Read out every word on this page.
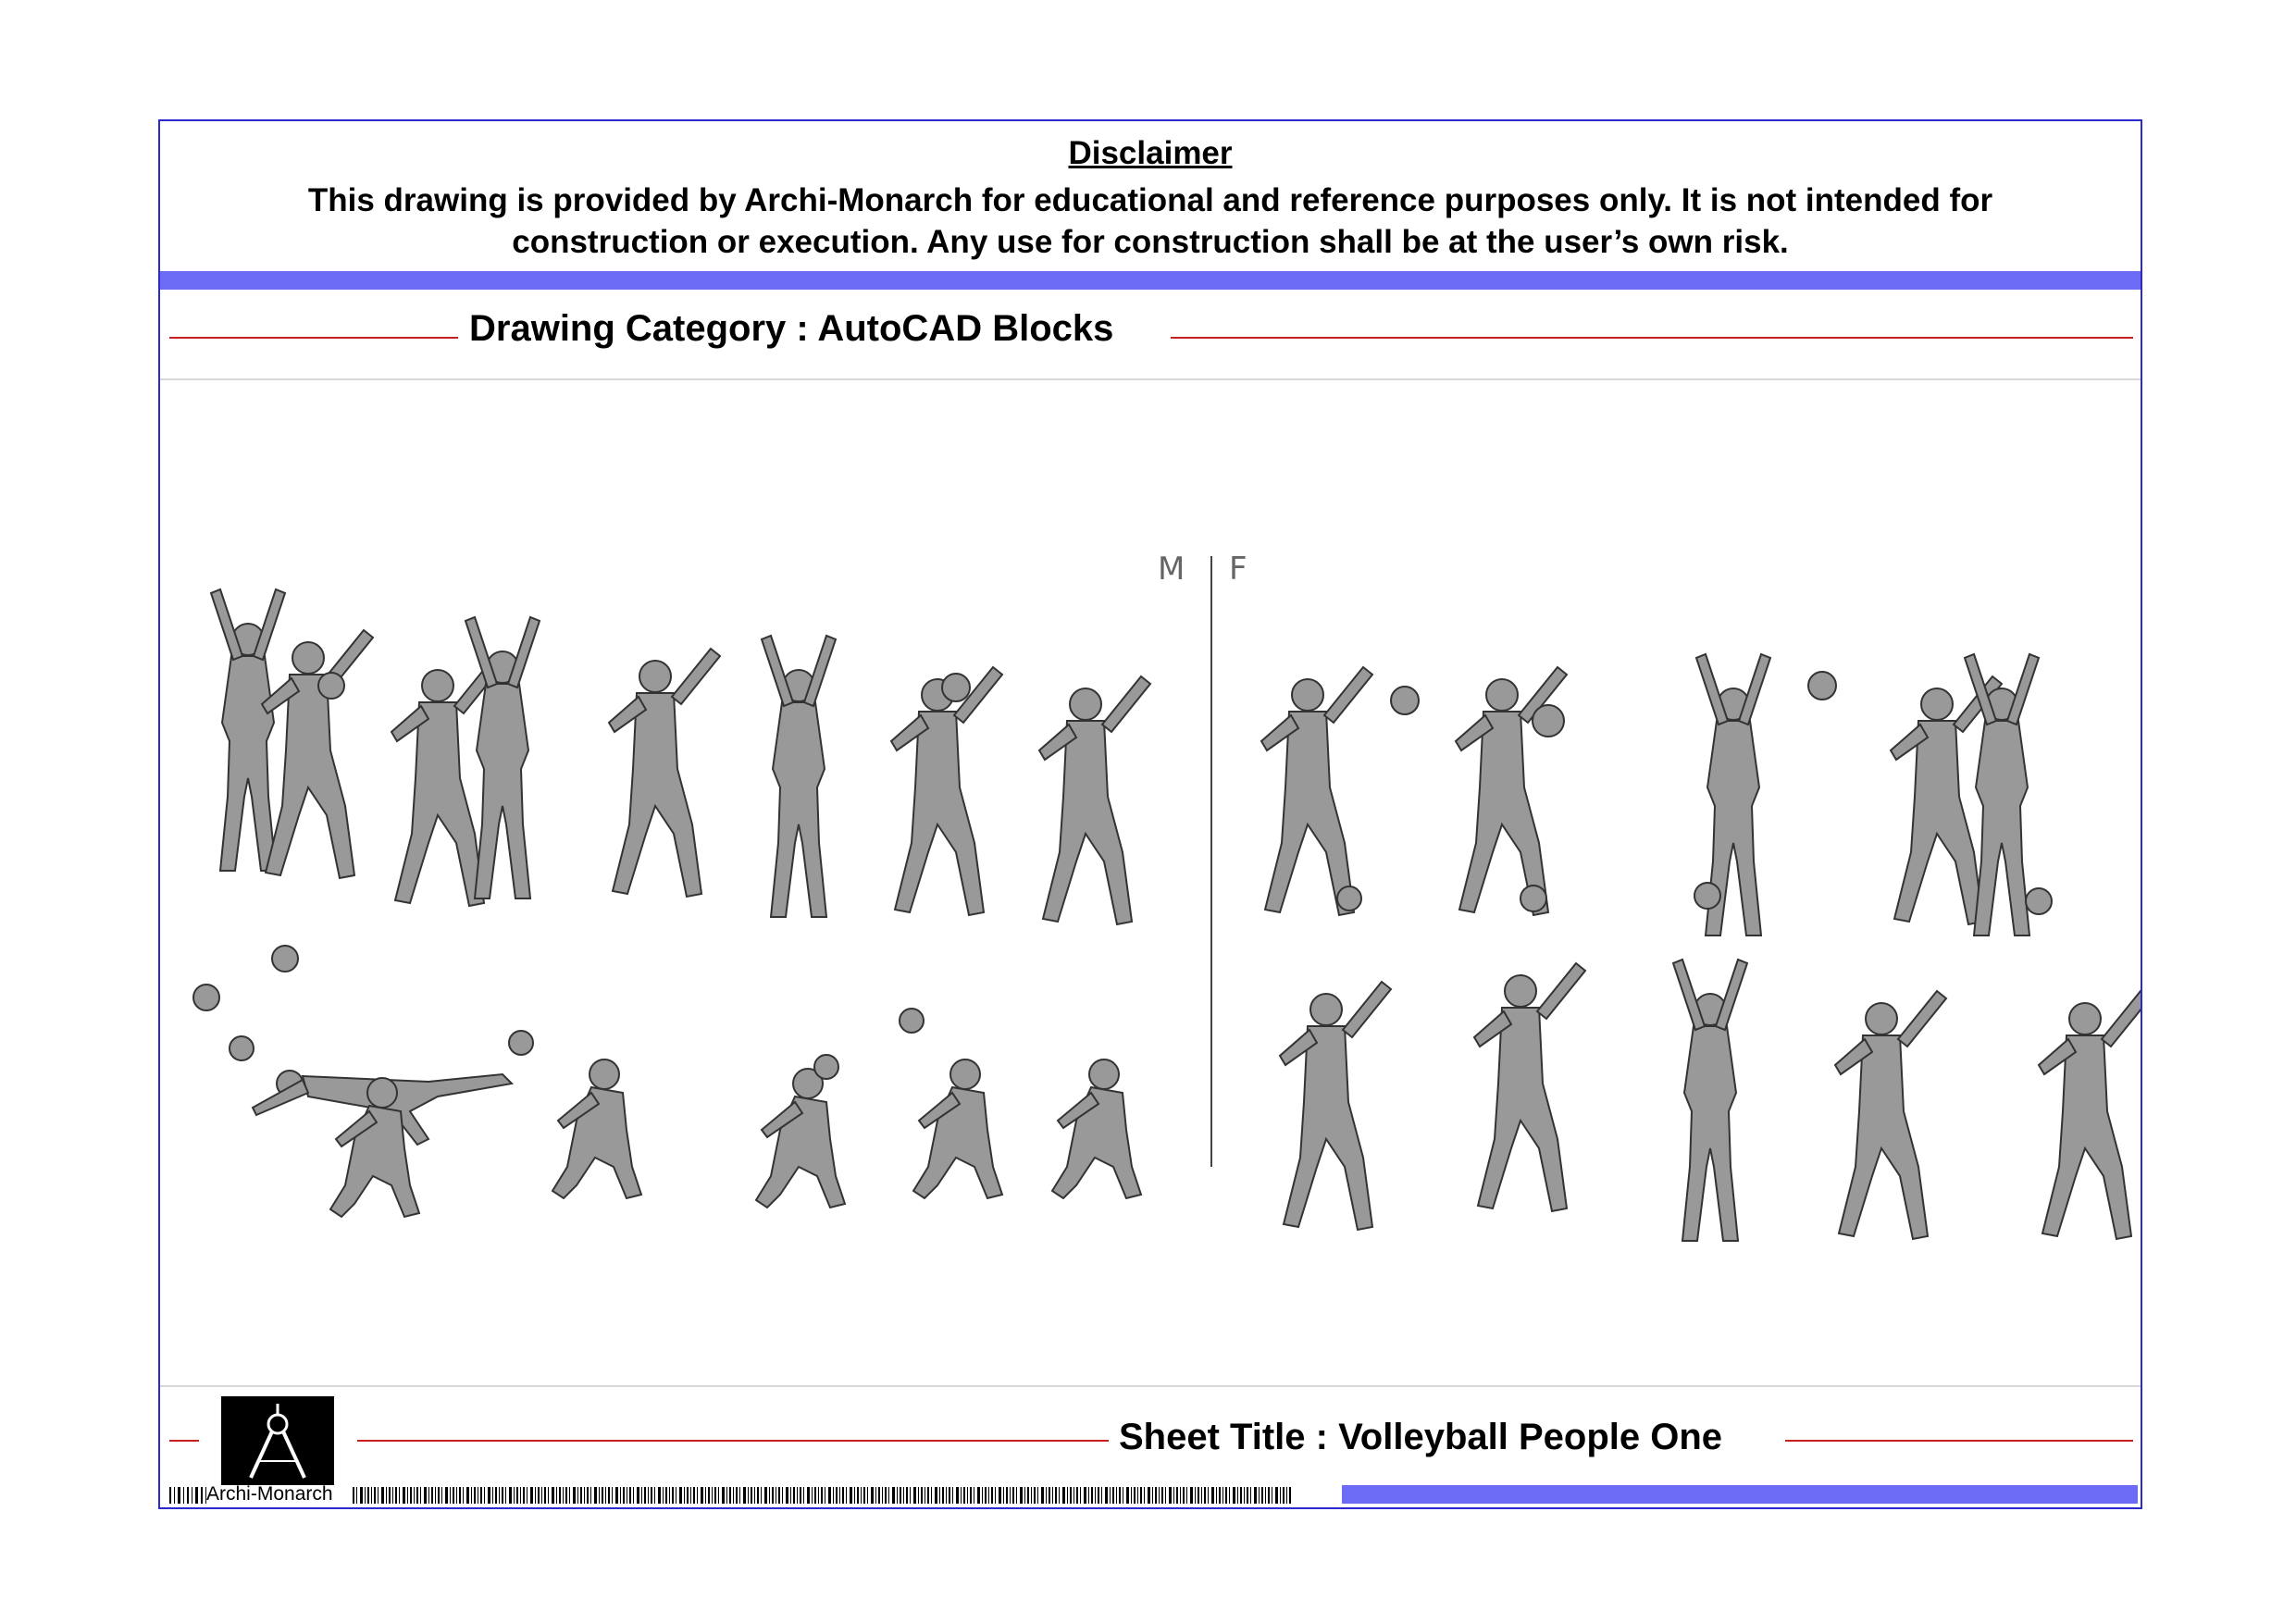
Disclaimer
This drawing is provided by Archi-Monarch for educational and reference purposes only. It is not intended for
construction or execution. Any use for construction shall be at the user’s own risk.
Drawing Category : AutoCAD Blocks
M F
Archi-Monarch
Sheet Title : Volleyball People One
